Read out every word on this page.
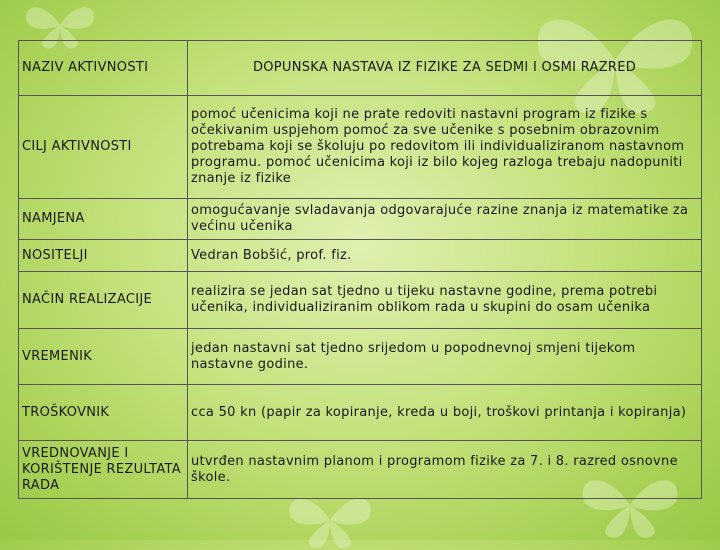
NAZIV AKTIVNOSTI	DOPUNSKA NASTAVA IZ FIZIKE ZA SEDMI I OSMI RAZRED
CILJ AKTIVNOSTI	pomoć učenicima koji ne prate redoviti nastavni program iz fizike s očekivanim uspjehom pomoć za sve učenike s posebnim obrazovnim potrebama koji se školuju po redovitom ili individualiziranom nastavnom programu. pomoć učenicima koji iz bilo kojeg razloga trebaju nadopuniti znanje iz fizike
NAMJENA	omogućavanje svladavanja odgovarajuće razine znanja iz matematike za većinu učenika
NOSITELJI	Vedran Bobšić, prof. fiz.
NAČIN REALIZACIJE	realizira se jedan sat tjedno u tijeku nastavne godine, prema potrebi učenika, individualiziranim oblikom rada u skupini do osam učenika
VREMENIK	jedan nastavni sat tjedno srijedom u popodnevnoj smjeni tijekom nastavne godine.
TROŠKOVNIK	cca 50 kn (papir za kopiranje, kreda u boji, troškovi printanja i kopiranja)
VREDNOVANJE I KORIŠTENJE REZULTATA RADA	utvrđen nastavnim planom i programom fizike za 7. i 8. razred osnovne škole.
